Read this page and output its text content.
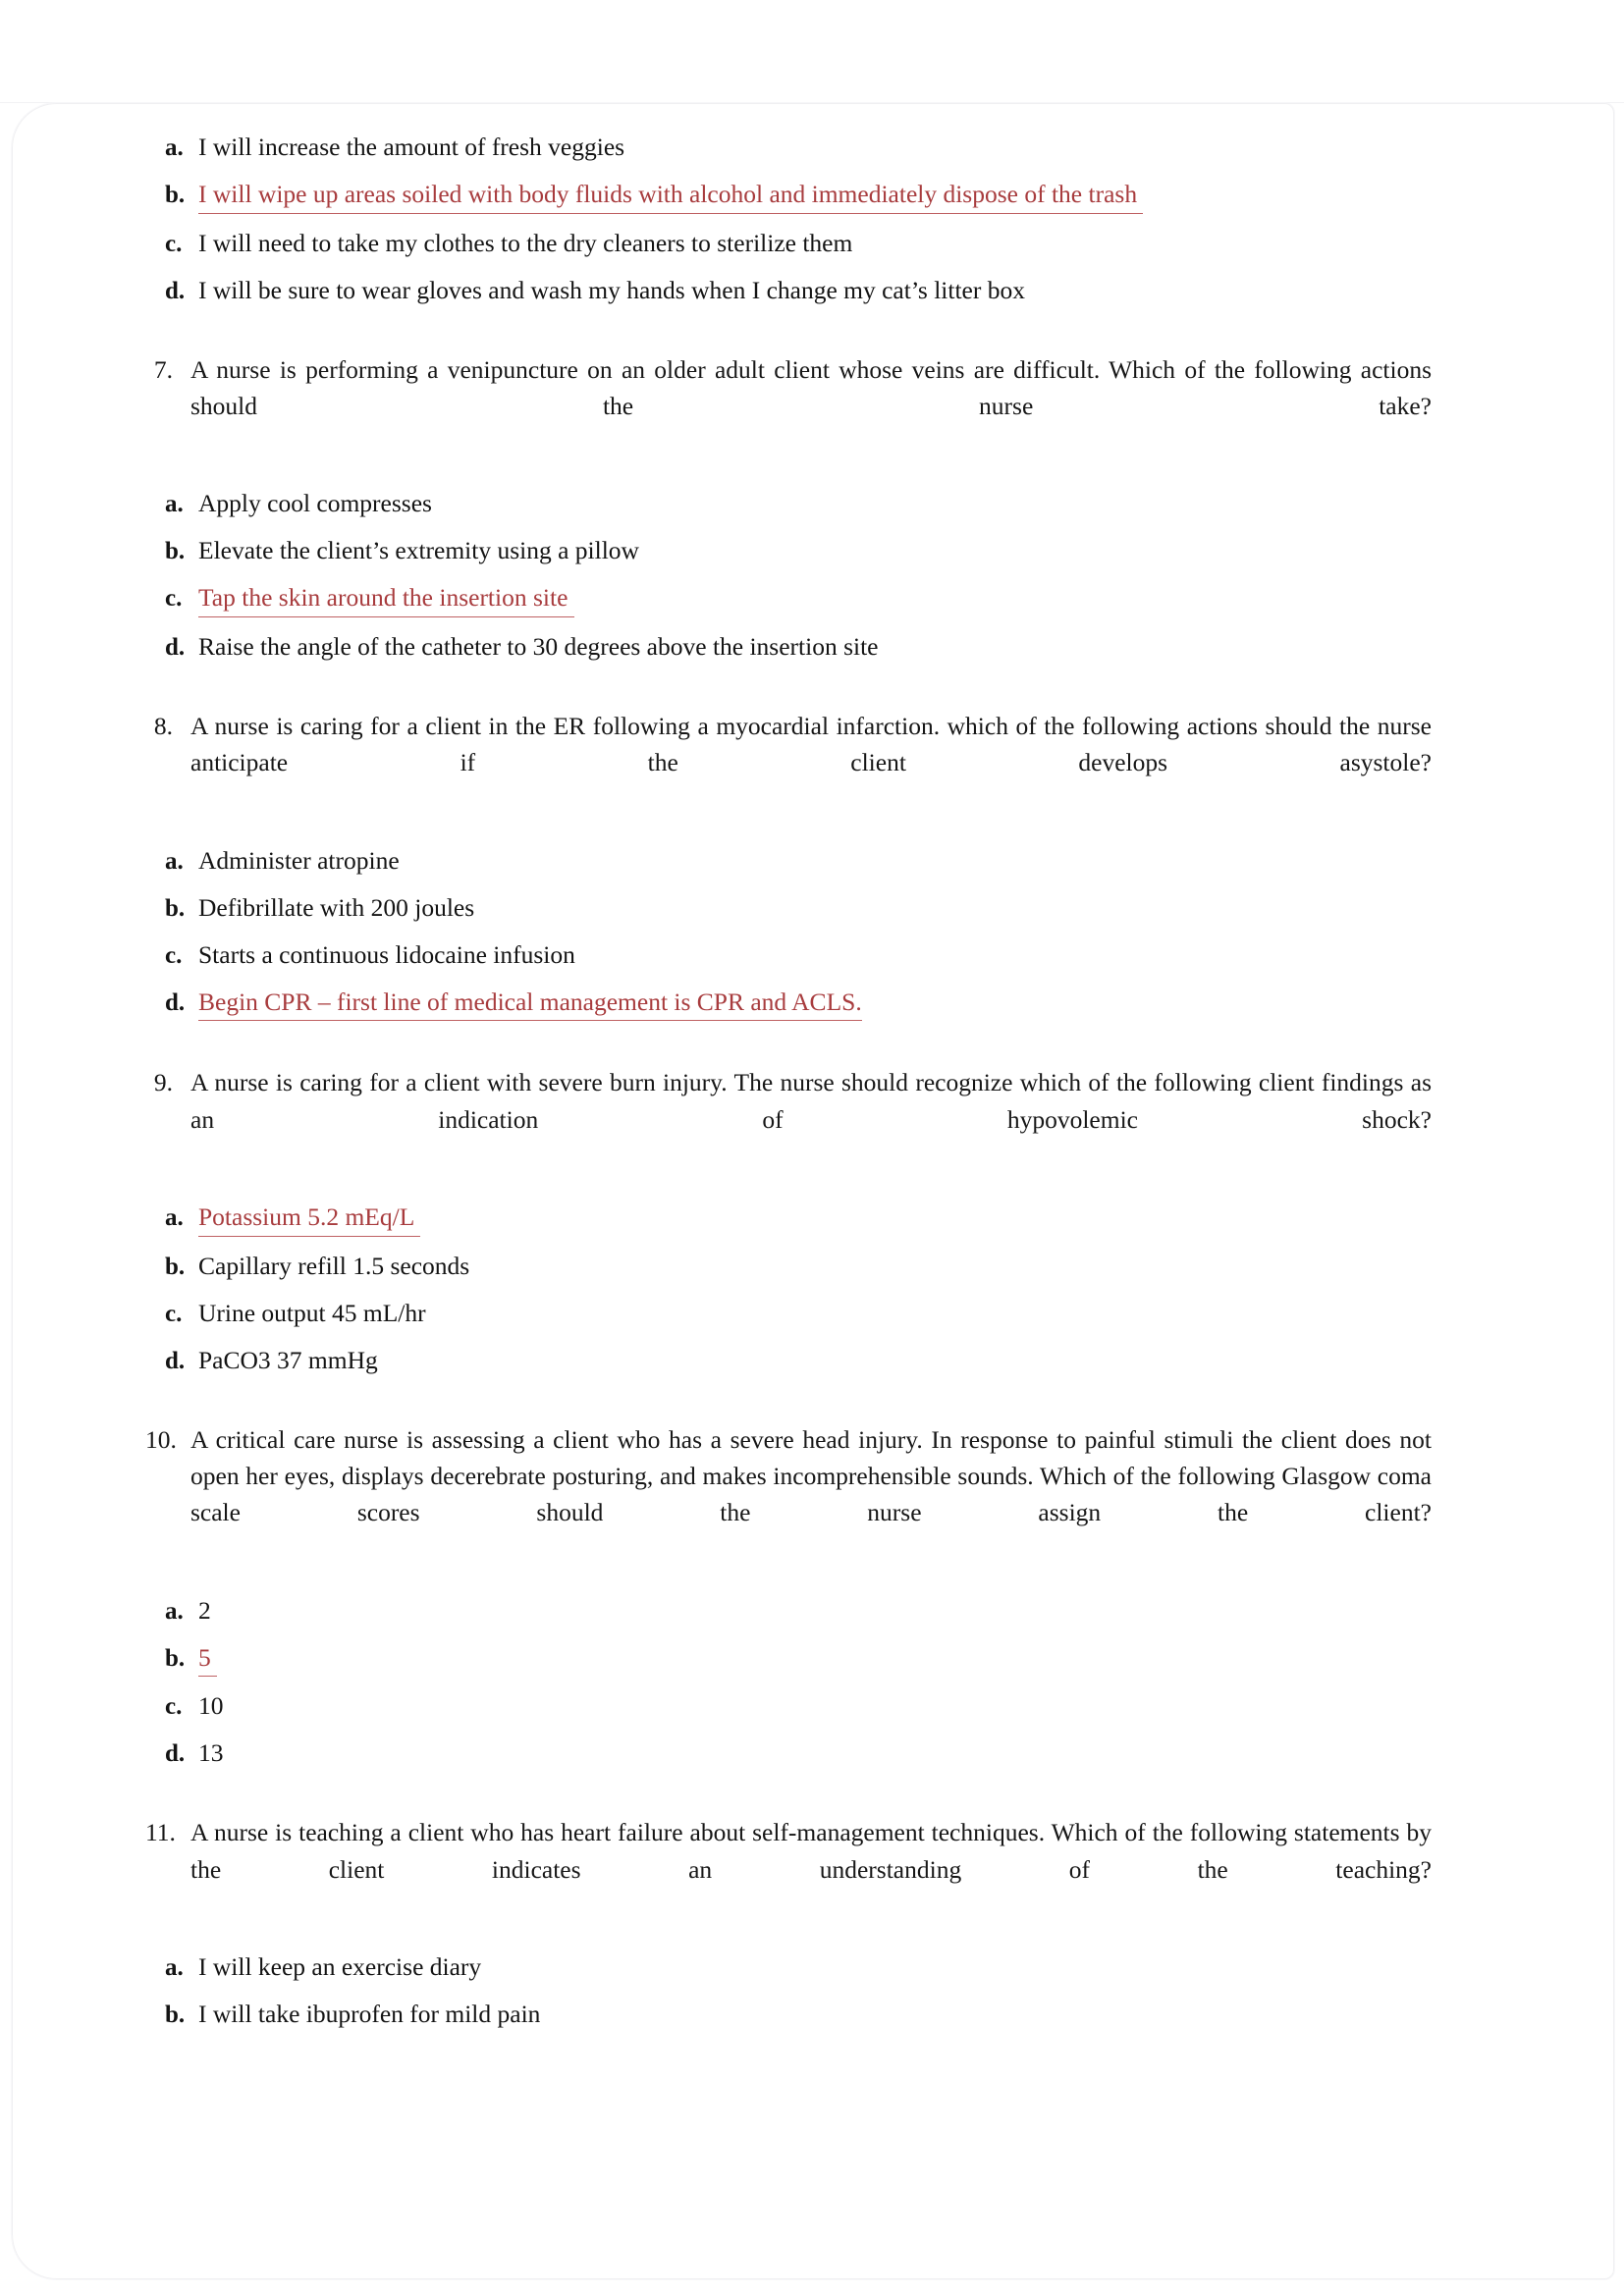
a. I will increase the amount of fresh veggies
b. I will wipe up areas soiled with body fluids with alcohol and immediately dispose of the trash
c. I will need to take my clothes to the dry cleaners to sterilize them
d. I will be sure to wear gloves and wash my hands when I change my cat’s litter box
7. A nurse is performing a venipuncture on an older adult client whose veins are difficult. Which of the following actions should the nurse take?
a. Apply cool compresses
b. Elevate the client’s extremity using a pillow
c. Tap the skin around the insertion site
d. Raise the angle of the catheter to 30 degrees above the insertion site
8. A nurse is caring for a client in the ER following a myocardial infarction. which of the following actions should the nurse anticipate if the client develops asystole?
a. Administer atropine
b. Defibrillate with 200 joules
c. Starts a continuous lidocaine infusion
d. Begin CPR – first line of medical management is CPR and ACLS.
9. A nurse is caring for a client with severe burn injury. The nurse should recognize which of the following client findings as an indication of hypovolemic shock?
a. Potassium 5.2 mEq/L
b. Capillary refill 1.5 seconds
c. Urine output 45 mL/hr
d. PaCO3 37 mmHg
10. A critical care nurse is assessing a client who has a severe head injury. In response to painful stimuli the client does not open her eyes, displays decerebrate posturing, and makes incomprehensible sounds. Which of the following Glasgow coma scale scores should the nurse assign the client?
a. 2
b. 5
c. 10
d. 13
11. A nurse is teaching a client who has heart failure about self-management techniques. Which of the following statements by the client indicates an understanding of the teaching?
a. I will keep an exercise diary
b. I will take ibuprofen for mild pain
